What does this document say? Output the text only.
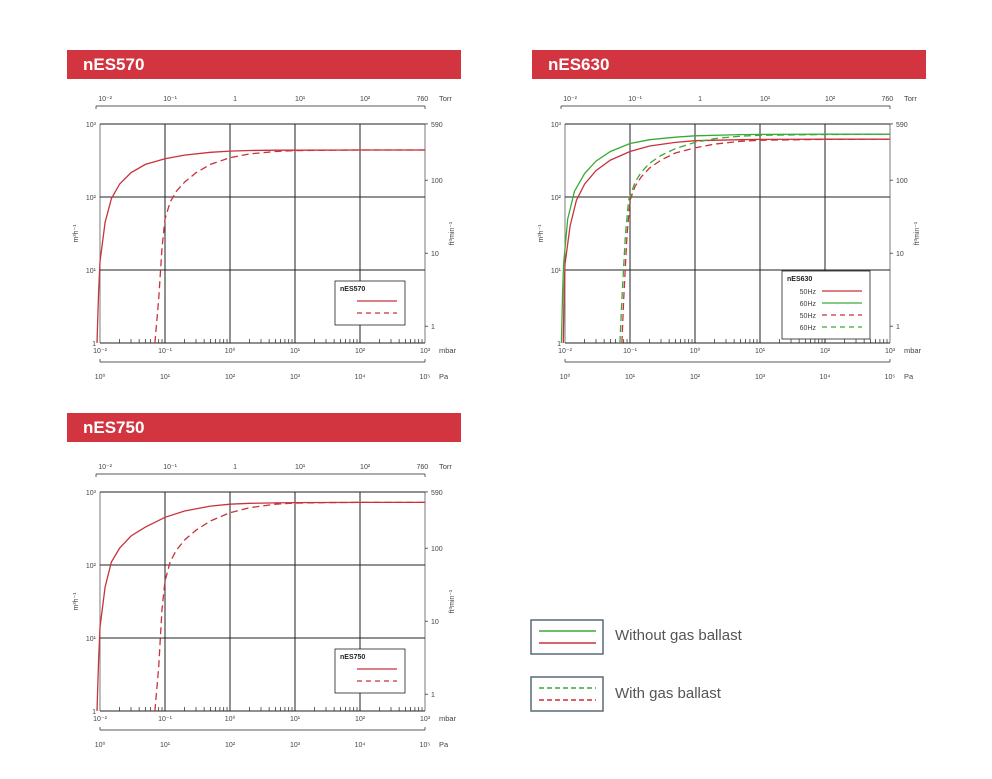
nES570	nES630
nES750
10⁻²	10⁻¹	10⁰	10¹	10²	10³ mbar
10⁰	10¹	10²	10³	10⁴	10⁵ Pa
10⁻²	10⁻¹	1	10¹	10²	760 Torr
1
10¹
10²
10³
m³h⁻¹
1
10
100
590
ft³min⁻¹
nES570
10⁻²	10⁻¹	10⁰	10¹	10²	10³ mbar
10⁰	10¹	10²	10³	10⁴	10⁵ Pa
10⁻²	10⁻¹	1	10¹	10²	760 Torr
1
10¹
10²
10³
m³h⁻¹
1
10
100
590
ft³min⁻¹
nES630
50Hz
60Hz
50Hz
60Hz
10⁻²	10⁻¹	10⁰	10¹	10²	10³ mbar
10⁰	10¹	10²	10³	10⁴	10⁵ Pa
10⁻²	10⁻¹	1	10¹	10²	760 Torr
1
10¹
10²
10³
m³h⁻¹
1
10
100
590
ft³min⁻¹
nES750
Without gas ballast
With gas ballast
